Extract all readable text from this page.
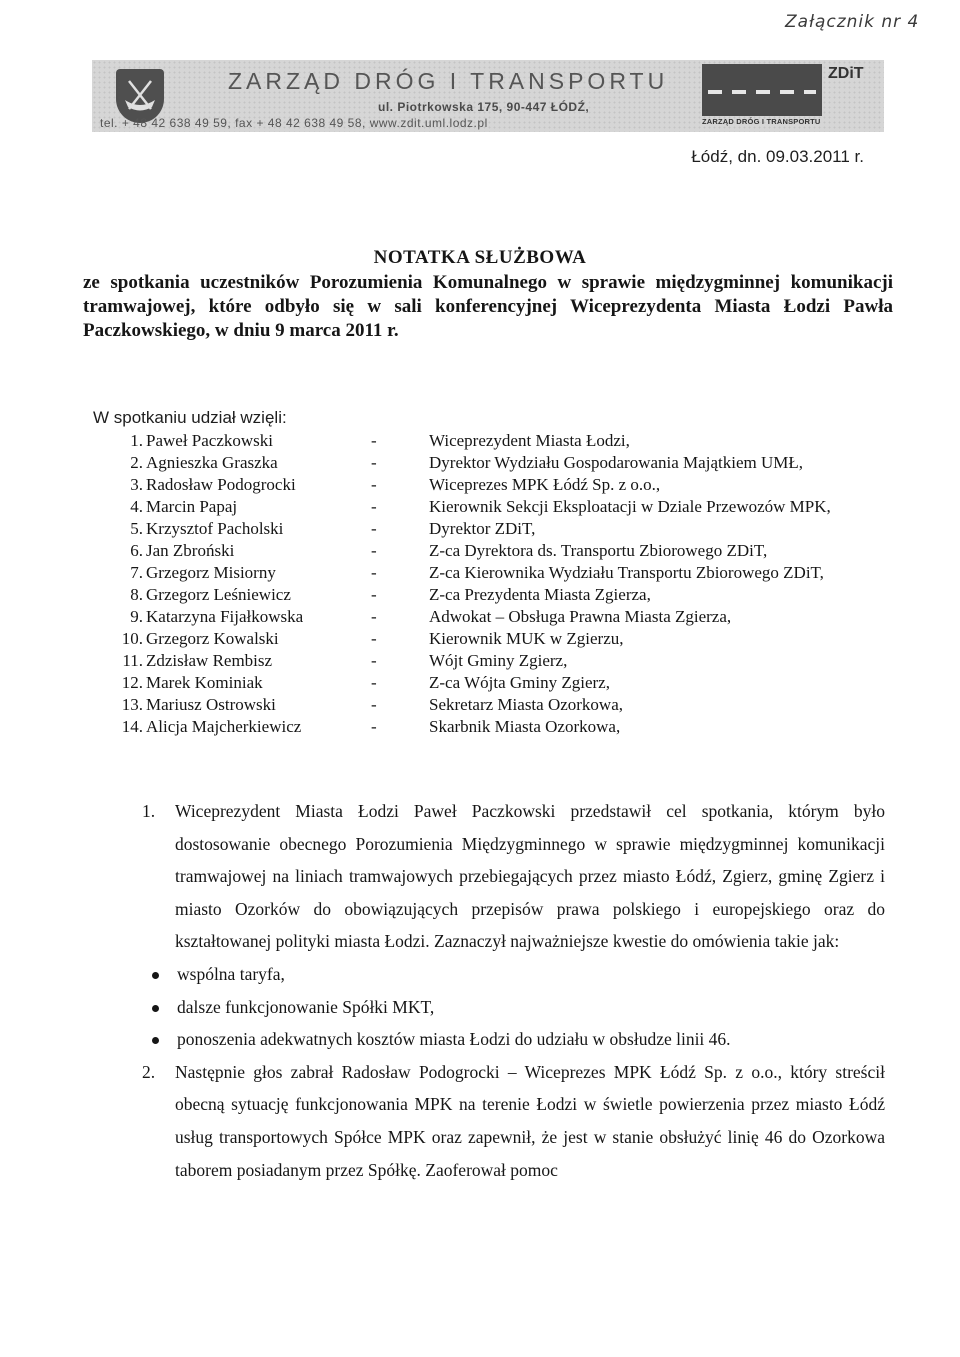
Załącznik nr 4
ZARZĄD DRÓG I TRANSPORTU
ul. Piotrkowska 175, 90-447 ŁÓDŹ,
tel. + 48 42 638 49 59, fax + 48 42 638 49 58, www.zdit.uml.lodz.pl	ZARZĄD DRÓG I TRANSPORTU
ZDiT
Łódź, dn. 09.03.2011 r.
NOTATKA SŁUŻBOWA
ze spotkania uczestników Porozumienia Komunalnego w sprawie międzygminnej komunikacji tramwajowej, które odbyło się w sali konferencyjnej Wiceprezydenta Miasta Łodzi Pawła Paczkowskiego, w dniu 9 marca 2011 r.
W spotkaniu udział wzięli:
1. Paweł Paczkowski	-	Wiceprezydent Miasta Łodzi,
2. Agnieszka Graszka	-	Dyrektor Wydziału Gospodarowania Majątkiem UMŁ,
3. Radosław Podogrocki	-	Wiceprezes MPK Łódź Sp. z o.o.,
4. Marcin Papaj	-	Kierownik Sekcji Eksploatacji w Dziale Przewozów MPK,
5. Krzysztof Pacholski	-	Dyrektor ZDiT,
6. Jan Zbroński	-	Z-ca Dyrektora ds. Transportu Zbiorowego ZDiT,
7. Grzegorz Misiorny	-	Z-ca Kierownika Wydziału Transportu Zbiorowego ZDiT,
8. Grzegorz Leśniewicz	-	Z-ca Prezydenta Miasta Zgierza,
9. Katarzyna Fijałkowska	-	Adwokat – Obsługa Prawna Miasta Zgierza,
10. Grzegorz Kowalski	-	Kierownik MUK w Zgierzu,
11. Zdzisław Rembisz	-	Wójt Gminy Zgierz,
12. Marek Kominiak	-	Z-ca Wójta Gminy Zgierz,
13. Mariusz Ostrowski	-	Sekretarz Miasta Ozorkowa,
14. Alicja Majcherkiewicz	-	Skarbnik Miasta Ozorkowa,
1. Wiceprezydent Miasta Łodzi Paweł Paczkowski przedstawił cel spotkania, którym było dostosowanie obecnego Porozumienia Międzygminnego w sprawie międzygminnej komunikacji tramwajowej na liniach tramwajowych przebiegających przez miasto Łódź, Zgierz, gminę Zgierz i miasto Ozorków do obowiązujących przepisów prawa polskiego i europejskiego oraz do kształtowanej polityki miasta Łodzi. Zaznaczył najważniejsze kwestie do omówienia takie jak:
wspólna taryfa,
dalsze funkcjonowanie Spółki MKT,
ponoszenia adekwatnych kosztów miasta Łodzi do udziału w obsłudze linii 46.
2. Następnie głos zabrał Radosław Podogrocki – Wiceprezes MPK Łódź Sp. z o.o., który streścił obecną sytuację funkcjonowania MPK na terenie Łodzi w świetle powierzenia przez miasto Łódź usług transportowych Spółce MPK oraz zapewnił, że jest w stanie obsłużyć linię 46 do Ozorkowa taborem posiadanym przez Spółkę. Zaoferował pomoc
